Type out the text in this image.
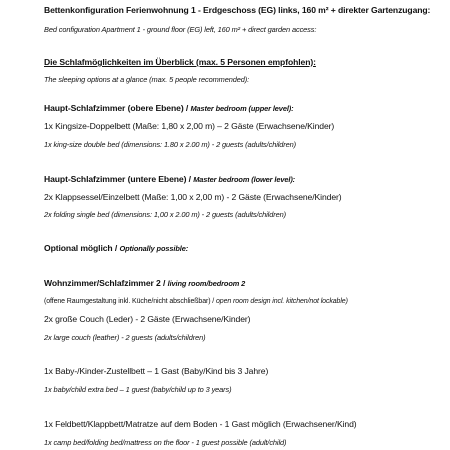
Bettenkonfiguration Ferienwohnung 1 - Erdgeschoss (EG) links, 160 m² + direkter Gartenzugang:
Bed configuration Apartment 1 - ground floor (EG) left, 160 m² + direct garden access:
Die Schlafmöglichkeiten im Überblick (max. 5 Personen empfohlen):
The sleeping options at a glance (max. 5 people recommended):
Haupt-Schlafzimmer (obere Ebene) / Master bedroom (upper level):
1x Kingsize-Doppelbett (Maße: 1,80 x 2,00 m) – 2 Gäste (Erwachsene/Kinder)
1x king-size double bed (dimensions: 1.80 x 2.00 m) - 2 guests (adults/children)
Haupt-Schlafzimmer (untere Ebene) / Master bedroom (lower level):
2x Klappsessel/Einzelbett (Maße: 1,00 x 2,00 m) - 2 Gäste (Erwachsene/Kinder)
2x folding single bed (dimensions: 1,00 x 2.00 m) - 2 guests (adults/children)
Optional möglich / Optionally possible:
Wohnzimmer/Schlafzimmer 2 / living room/bedroom 2
(offene Raumgestaltung inkl. Küche/nicht abschließbar) / open room design incl. kitchen/not lockable)
2x große Couch (Leder) - 2 Gäste (Erwachsene/Kinder)
2x large couch (leather) - 2 guests (adults/children)
1x Baby-/Kinder-Zustellbett – 1 Gast (Baby/Kind bis 3 Jahre)
1x baby/child extra bed – 1 guest (baby/child up to 3 years)
1x Feldbett/Klappbett/Matratze auf dem Boden - 1 Gast möglich (Erwachsener/Kind)
1x camp bed/folding bed/mattress on the floor - 1 guest possible (adult/child)
